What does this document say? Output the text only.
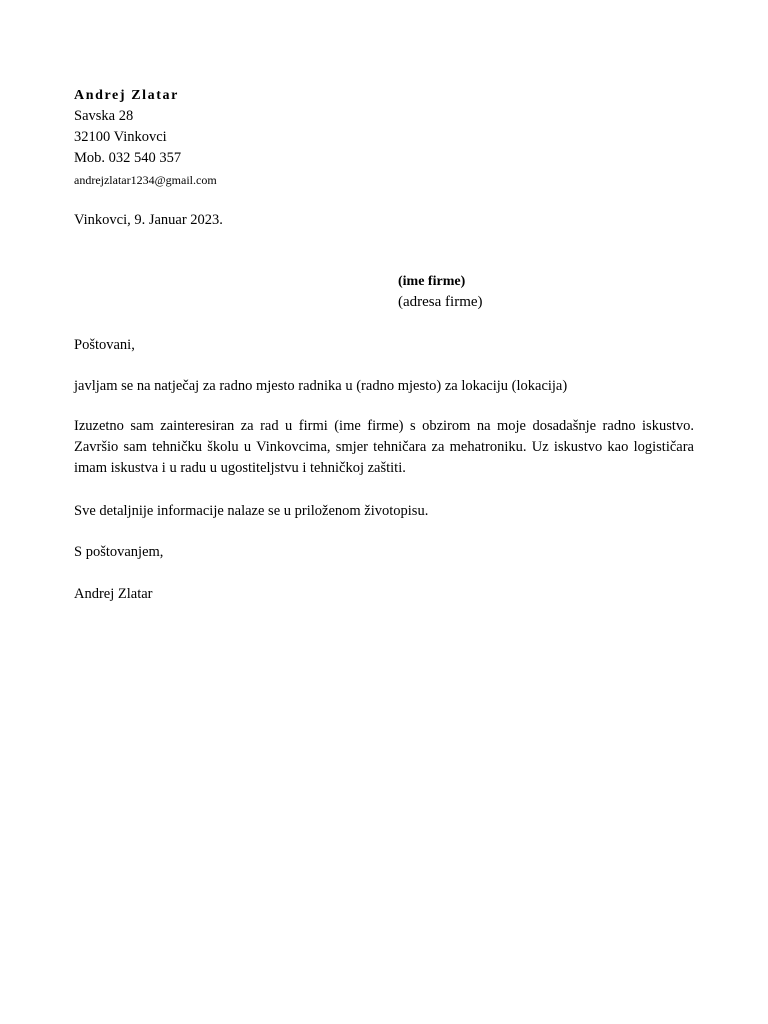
Andrej Zlatar
Savska 28
32100 Vinkovci
Mob. 032 540 357
andrejzlatar1234@gmail.com
Vinkovci, 9. Januar 2023.
(ime firme)
(adresa firme)
Poštovani,
javljam se na natječaj za radno mjesto radnika u (radno mjesto) za lokaciju (lokacija)
Izuzetno sam zainteresiran za rad u firmi (ime firme) s obzirom na moje dosadašnje radno iskustvo. Završio sam tehničku školu u Vinkovcima, smjer tehničara za mehatroniku. Uz iskustvo kao logističara imam iskustva i u radu u ugostiteljstvu i tehničkoj zaštiti.
Sve detaljnije informacije nalaze se u priloženom životopisu.
S poštovanjem,
Andrej Zlatar
